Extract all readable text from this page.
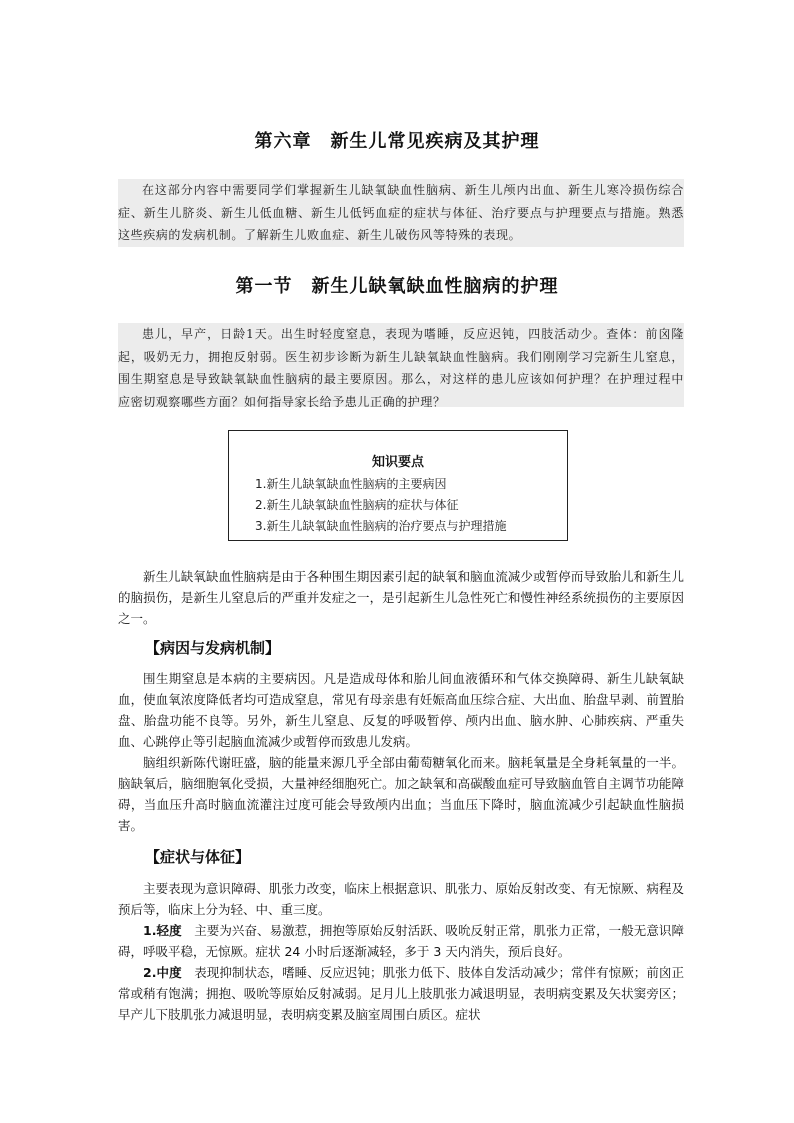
第六章　新生儿常见疾病及其护理

在这部分内容中需要同学们掌握新生儿缺氧缺血性脑病、新生儿颅内出血、新生儿寒冷损伤综合症、新生儿脐炎、新生儿低血糖、新生儿低钙血症的症状与体征、治疗要点与护理要点与措施。熟悉这些疾病的发病机制。了解新生儿败血症、新生儿破伤风等特殊的表现。

第一节　新生儿缺氧缺血性脑病的护理

患儿，早产，日龄1天。出生时轻度窒息，表现为嗜睡，反应迟钝，四肢活动少。查体：前囟隆起，吸奶无力，拥抱反射弱。医生初步诊断为新生儿缺氧缺血性脑病。我们刚刚学习完新生儿窒息，围生期窒息是导致缺氧缺血性脑病的最主要原因。那么，对这样的患儿应该如何护理？在护理过程中应密切观察哪些方面？如何指导家长给予患儿正确的护理？

知识要点
1.新生儿缺氧缺血性脑病的主要病因
2.新生儿缺氧缺血性脑病的症状与体征
3.新生儿缺氧缺血性脑病的治疗要点与护理措施

新生儿缺氧缺血性脑病是由于各种围生期因素引起的缺氧和脑血流减少或暂停而导致胎儿和新生儿的脑损伤，是新生儿窒息后的严重并发症之一，是引起新生儿急性死亡和慢性神经系统损伤的主要原因之一。

【病因与发病机制】

围生期窒息是本病的主要病因。凡是造成母体和胎儿间血液循环和气体交换障碍、新生儿缺氧缺血，使血氧浓度降低者均可造成窒息，常见有母亲患有妊娠高血压综合症、大出血、胎盘早剥、前置胎盘、胎盘功能不良等。另外，新生儿窒息、反复的呼吸暂停、颅内出血、脑水肿、心肺疾病、严重失血、心跳停止等引起脑血流减少或暂停而致患儿发病。

脑组织新陈代谢旺盛，脑的能量来源几乎全部由葡萄糖氧化而来。脑耗氧量是全身耗氧量的一半。脑缺氧后，脑细胞氧化受损，大量神经细胞死亡。加之缺氧和高碳酸血症可导致脑血管自主调节功能障碍，当血压升高时脑血流灌注过度可能会导致颅内出血；当血压下降时，脑血流减少引起缺血性脑损害。

【症状与体征】

主要表现为意识障碍、肌张力改变，临床上根据意识、肌张力、原始反射改变、有无惊厥、病程及预后等，临床上分为轻、中、重三度。

1.轻度　 主要为兴奋、易激惹，拥抱等原始反射活跃、吸吮反射正常，肌张力正常，一般无意识障碍，呼吸平稳，无惊厥。症状 24 小时后逐渐减轻，多于 3 天内消失，预后良好。

2.中度　 表现抑制状态，嗜睡、反应迟钝；肌张力低下、肢体自发活动减少；常伴有惊厥；前囟正常或稍有饱满；拥抱、吸吮等原始反射减弱。足月儿上肢肌张力减退明显，表明病变累及矢状窦旁区；早产儿下肢肌张力减退明显，表明病变累及脑室周围白质区。症状
